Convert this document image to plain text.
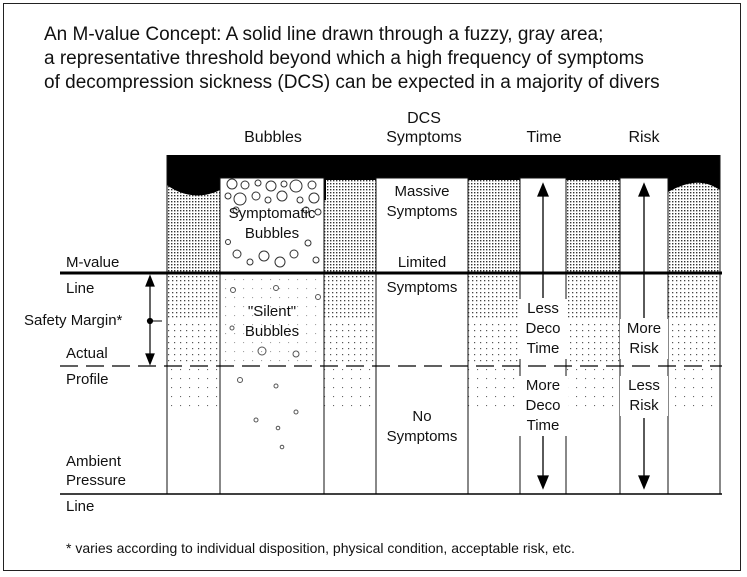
An M-value Concept: A solid line drawn through a fuzzy, gray area;
a representative threshold beyond which a high frequency of symptoms
of decompression sickness (DCS) can be expected in a majority of divers
Bubbles
DCS
Symptoms	Time	Risk
M-value
Line
Safety Margin*
Actual
Profile
Ambient
Pressure
Line
Symptomatic
Bubbles
"Silent"
Bubbles
Massive
Symptoms
Limited
Symptoms
No
Symptoms
Less
Deco
Time
More
Deco
Time
More
Risk
Less
Risk
* varies according to individual disposition, physical condition, acceptable risk, etc.
